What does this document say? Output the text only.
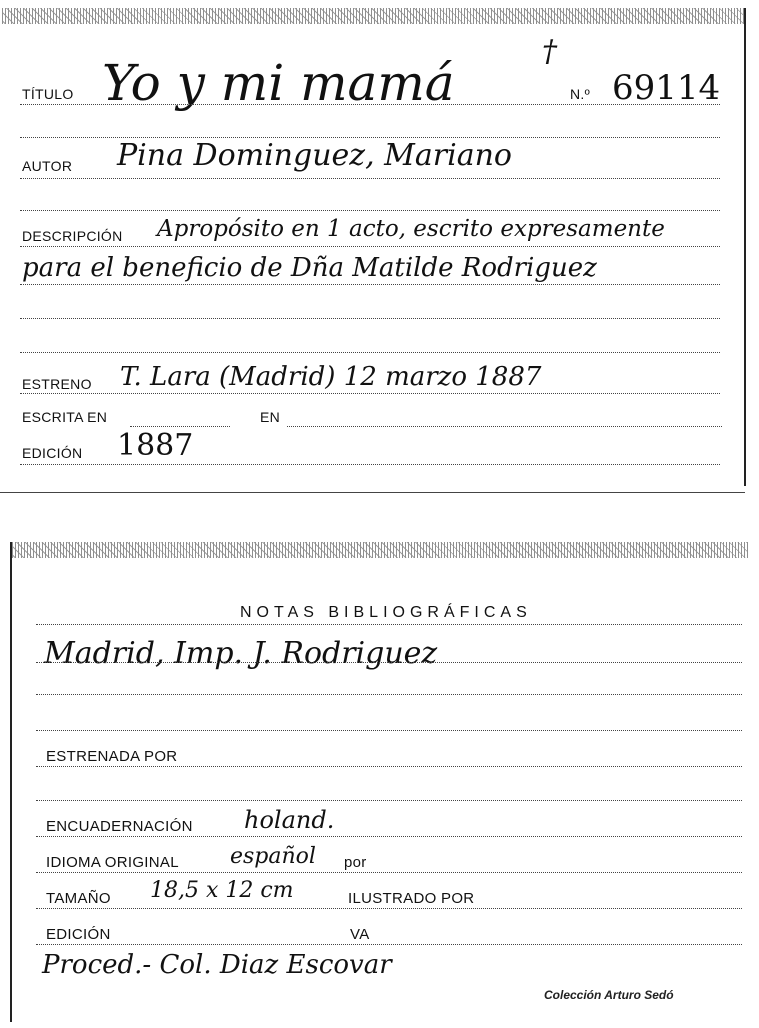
TÍTULO Yo y mi mamá
†
N.º 69114
AUTOR Pina Dominguez, Mariano
DESCRIPCIÓN Apropósito en 1 acto, escrito expresamente
para el beneficio de Dña Matilde Rodriguez
ESTRENO T. Lara (Madrid) 12 marzo 1887
ESCRITA EN	EN
EDICIÓN 1887
NOTAS BIBLIOGRÁFICAS
Madrid, Imp. J. Rodriguez
ESTRENADA POR
ENCUADERNACIÓN holand.
IDIOMA ORIGINAL español por
TAMAÑO 18,5 x 12 cm	ILUSTRADO POR
EDICIÓN	VA
Proced.- Col. Diaz Escovar
Colección Arturo Sedó
